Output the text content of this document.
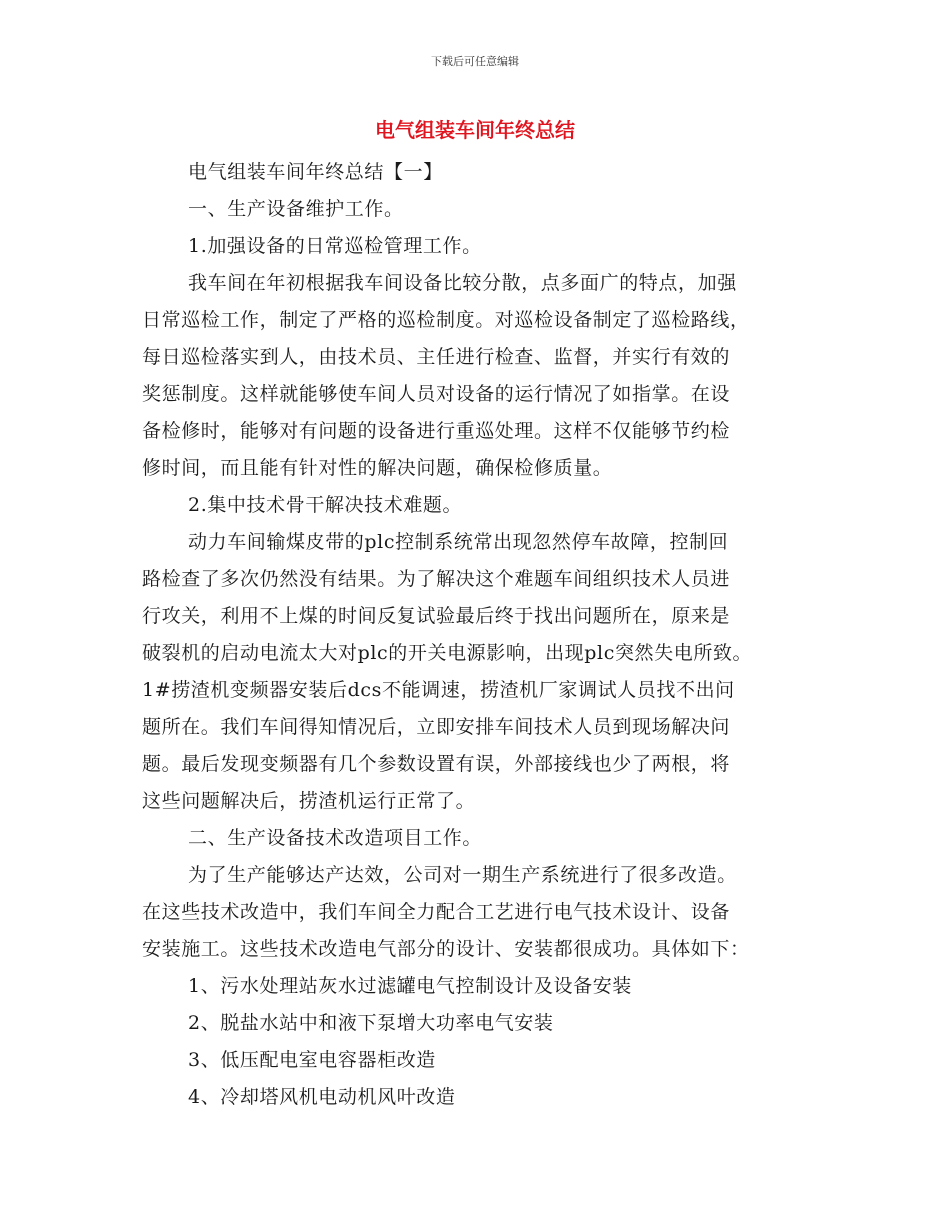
下载后可任意编辑
电气组装车间年终总结
电气组装车间年终总结【一】
一、生产设备维护工作。
1.加强设备的日常巡检管理工作。
我车间在年初根据我车间设备比较分散，点多面广的特点，加强
日常巡检工作，制定了严格的巡检制度。对巡检设备制定了巡检路线，
每日巡检落实到人，由技术员、主任进行检查、监督，并实行有效的
奖惩制度。这样就能够使车间人员对设备的运行情况了如指掌。在设
备检修时，能够对有问题的设备进行重巡处理。这样不仅能够节约检
修时间，而且能有针对性的解决问题，确保检修质量。
2.集中技术骨干解决技术难题。
动力车间输煤皮带的plc控制系统常出现忽然停车故障，控制回
路检查了多次仍然没有结果。为了解决这个难题车间组织技术人员进
行攻关，利用不上煤的时间反复试验最后终于找出问题所在，原来是
破裂机的启动电流太大对plc的开关电源影响，出现plc突然失电所致。
1#捞渣机变频器安装后dcs不能调速，捞渣机厂家调试人员找不出问
题所在。我们车间得知情况后，立即安排车间技术人员到现场解决问
题。最后发现变频器有几个参数设置有误，外部接线也少了两根，将
这些问题解决后，捞渣机运行正常了。
二、生产设备技术改造项目工作。
为了生产能够达产达效，公司对一期生产系统进行了很多改造。
在这些技术改造中，我们车间全力配合工艺进行电气技术设计、设备
安装施工。这些技术改造电气部分的设计、安装都很成功。具体如下：
1、污水处理站灰水过滤罐电气控制设计及设备安装
2、脱盐水站中和液下泵增大功率电气安装
3、低压配电室电容器柜改造
4、冷却塔风机电动机风叶改造
